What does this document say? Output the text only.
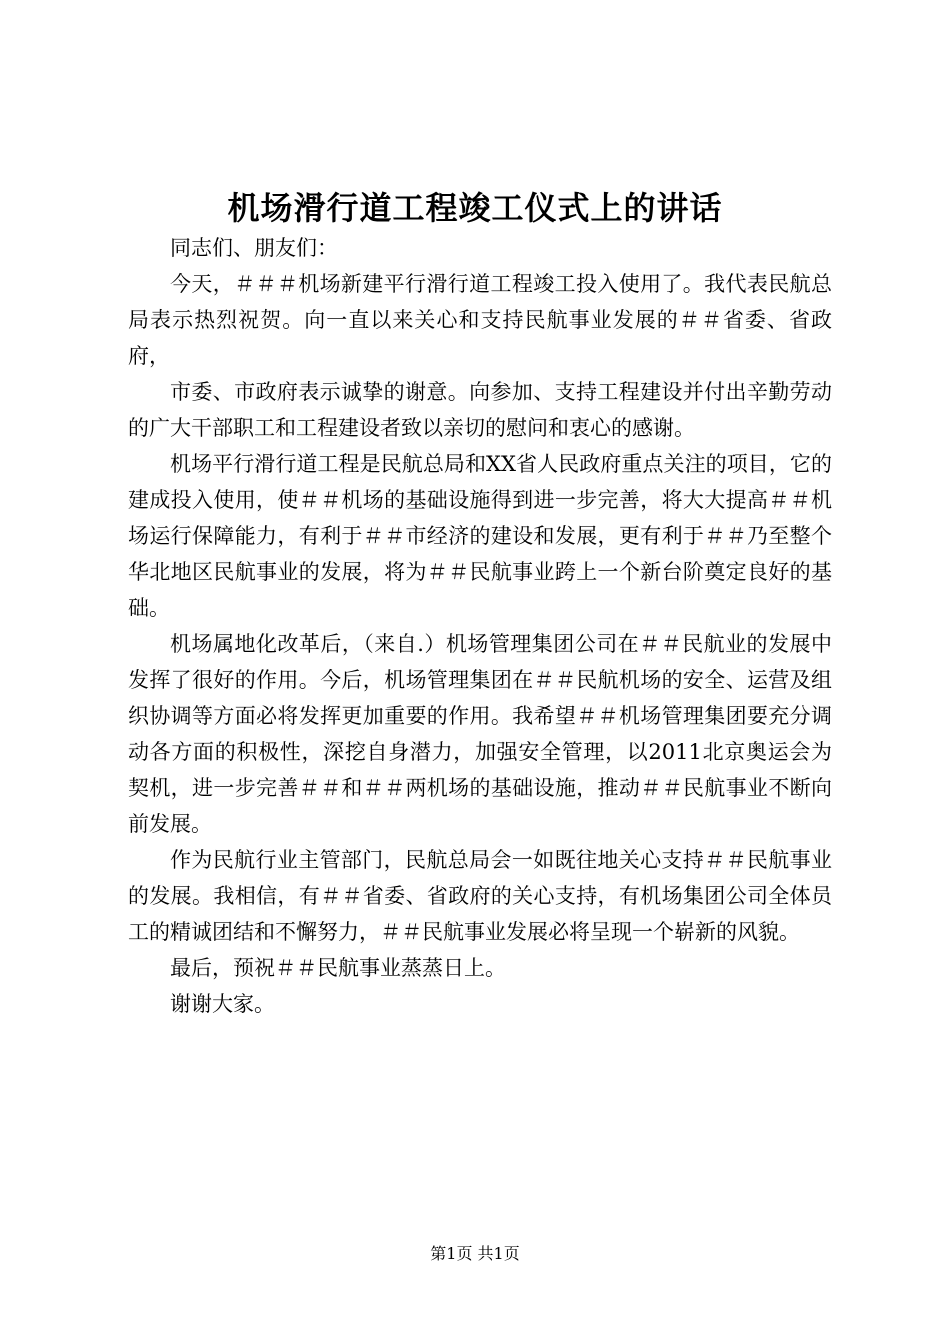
机场滑行道工程竣工仪式上的讲话

同志们、朋友们：

今天，＃＃＃机场新建平行滑行道工程竣工投入使用了。我代表民航总局表示热烈祝贺。向一直以来关心和支持民航事业发展的＃＃省委、省政府，

市委、市政府表示诚挚的谢意。向参加、支持工程建设并付出辛勤劳动的广大干部职工和工程建设者致以亲切的慰问和衷心的感谢。

机场平行滑行道工程是民航总局和XX省人民政府重点关注的项目，它的建成投入使用，使＃＃机场的基础设施得到进一步完善，将大大提高＃＃机场运行保障能力，有利于＃＃市经济的建设和发展，更有利于＃＃乃至整个华北地区民航事业的发展，将为＃＃民航事业跨上一个新台阶奠定良好的基础。

机场属地化改革后，（来自.）机场管理集团公司在＃＃民航业的发展中发挥了很好的作用。今后，机场管理集团在＃＃民航机场的安全、运营及组织协调等方面必将发挥更加重要的作用。我希望＃＃机场管理集团要充分调动各方面的积极性，深挖自身潜力，加强安全管理，以2011北京奥运会为契机，进一步完善＃＃和＃＃两机场的基础设施，推动＃＃民航事业不断向前发展。

作为民航行业主管部门，民航总局会一如既往地关心支持＃＃民航事业的发展。我相信，有＃＃省委、省政府的关心支持，有机场集团公司全体员工的精诚团结和不懈努力，＃＃民航事业发展必将呈现一个崭新的风貌。

最后，预祝＃＃民航事业蒸蒸日上。

谢谢大家。

第1页 共1页
